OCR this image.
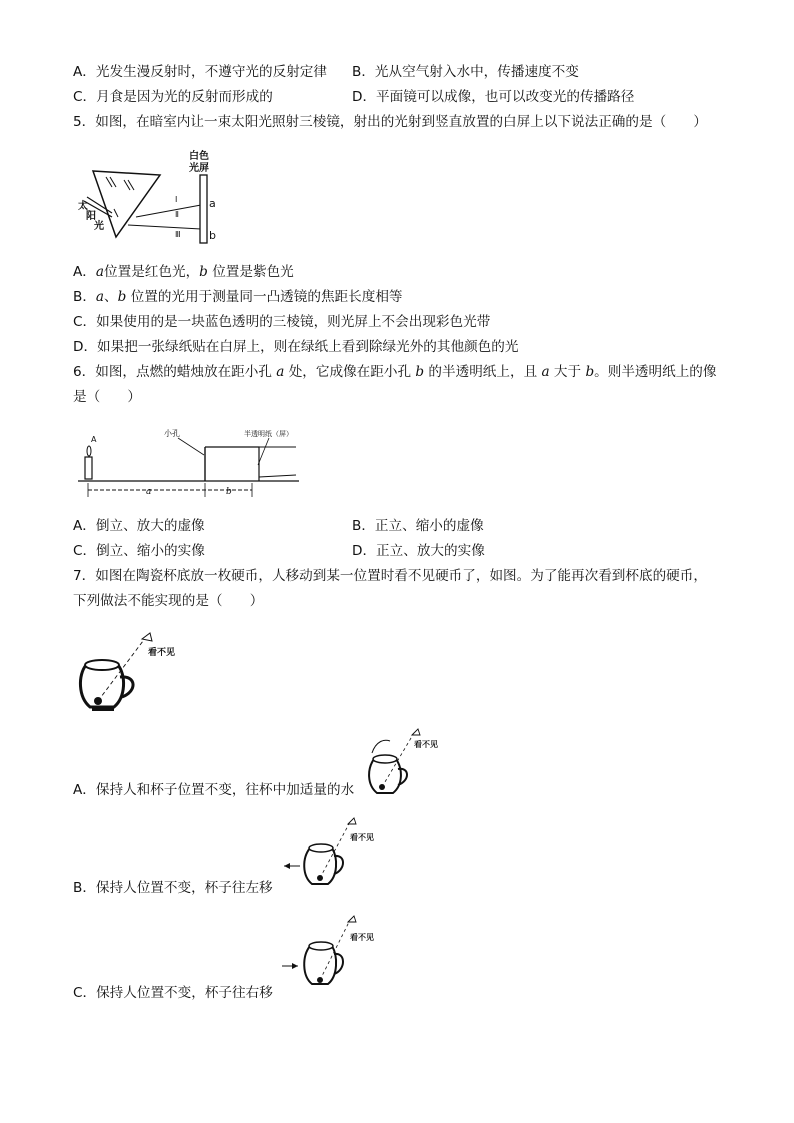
A．光发生漫反射时，不遵守光的反射定律 B．光从空气射入水中，传播速度不变
C．月食是因为光的反射而形成的	D．平面镜可以成像，也可以改变光的传播路径
5．如图，在暗室内让一束太阳光照射三棱镜，射出的光射到竖直放置的白屏上以下说法正确的是（　　）
白色
光屏
太
阳
光
Ⅰ
Ⅱ
Ⅲ
a
b
A．a位置是红色光，b 位置是紫色光
B．a、b 位置的光用于测量同一凸透镜的焦距长度相等
C．如果使用的是一块蓝色透明的三棱镜，则光屏上不会出现彩色光带
D．如果把一张绿纸贴在白屏上，则在绿纸上看到除绿光外的其他颜色的光
6．如图，点燃的蜡烛放在距小孔 a 处，它成像在距小孔 b 的半透明纸上，且 a 大于 b。则半透明纸上的像
是（　　）
A
小孔	半透明纸（屏）
a	b
A．倒立、放大的虚像	B．正立、缩小的虚像
C．倒立、缩小的实像	D．正立、放大的实像
7．如图在陶瓷杯底放一枚硬币，人移动到某一位置时看不见硬币了，如图。为了能再次看到杯底的硬币，
下列做法不能实现的是（　　）
看不见
看不见
A．保持人和杯子位置不变，往杯中加适量的水
看不见
B．保持人位置不变，杯子往左移
看不见
C．保持人位置不变，杯子往右移
